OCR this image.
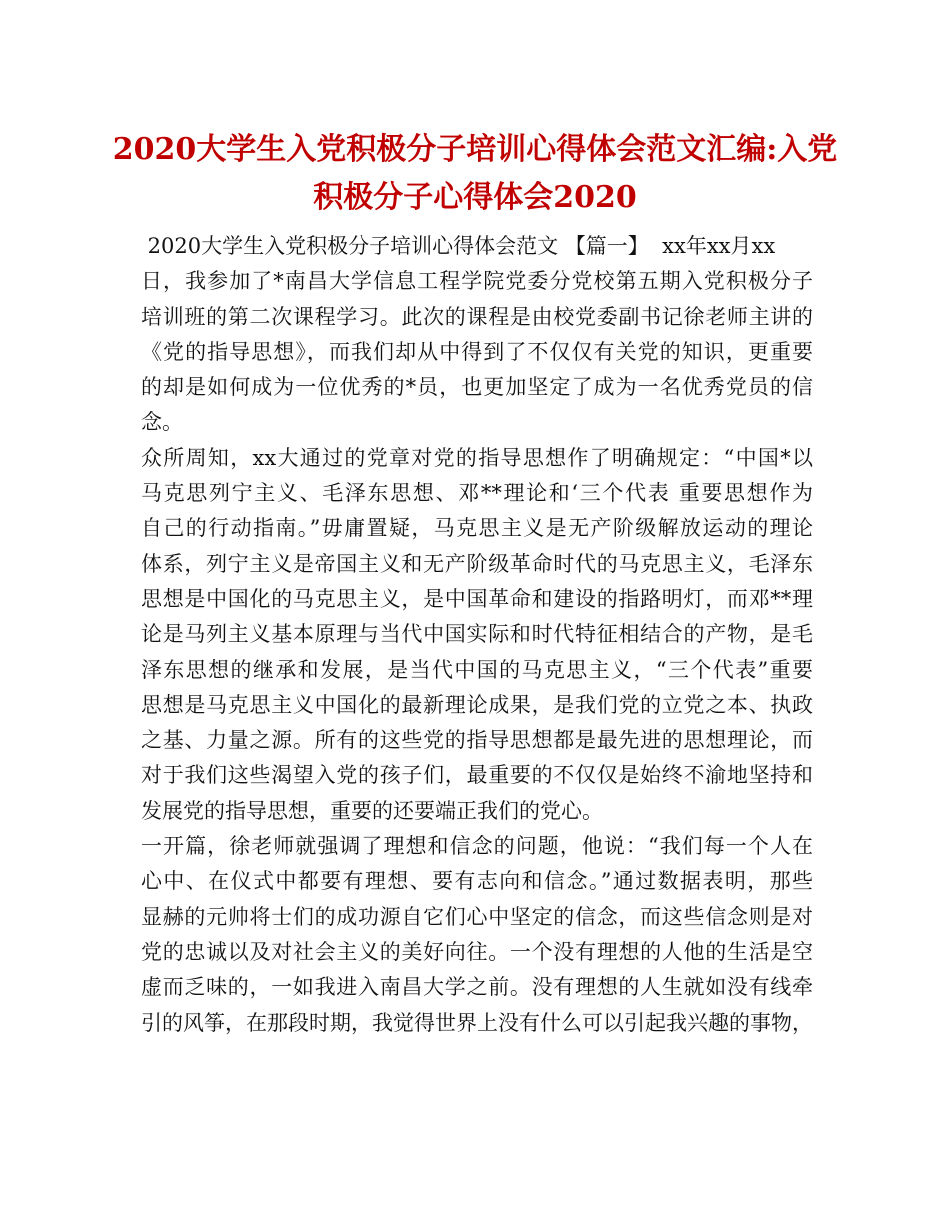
2020大学生入党积极分子培训心得体会范文汇编:入党
积极分子心得体会2020
2020大学生入党积极分子培训心得体会范文 【篇一】  xx年xx月xx
日，我参加了*南昌大学信息工程学院党委分党校第五期入党积极分子
培训班的第二次课程学习。此次的课程是由校党委副书记徐老师主讲的
《党的指导思想》，而我们却从中得到了不仅仅有关党的知识，更重要
的却是如何成为一位优秀的*员，也更加坚定了成为一名优秀党员的信
念。
众所周知，xx大通过的党章对党的指导思想作了明确规定：“中国*以
马克思列宁主义、毛泽东思想、邓**理论和‘三个代表 重要思想作为
自己的行动指南。”毋庸置疑，马克思主义是无产阶级解放运动的理论
体系，列宁主义是帝国主义和无产阶级革命时代的马克思主义，毛泽东
思想是中国化的马克思主义，是中国革命和建设的指路明灯，而邓**理
论是马列主义基本原理与当代中国实际和时代特征相结合的产物，是毛
泽东思想的继承和发展，是当代中国的马克思主义，“三个代表”重要
思想是马克思主义中国化的最新理论成果，是我们党的立党之本、执政
之基、力量之源。所有的这些党的指导思想都是最先进的思想理论，而
对于我们这些渴望入党的孩子们，最重要的不仅仅是始终不渝地坚持和
发展党的指导思想，重要的还要端正我们的党心。
一开篇，徐老师就强调了理想和信念的问题，他说：“我们每一个人在
心中、在仪式中都要有理想、要有志向和信念。”通过数据表明，那些
显赫的元帅将士们的成功源自它们心中坚定的信念，而这些信念则是对
党的忠诚以及对社会主义的美好向往。一个没有理想的人他的生活是空
虚而乏味的，一如我进入南昌大学之前。没有理想的人生就如没有线牵
引的风筝，在那段时期，我觉得世界上没有什么可以引起我兴趣的事物，
